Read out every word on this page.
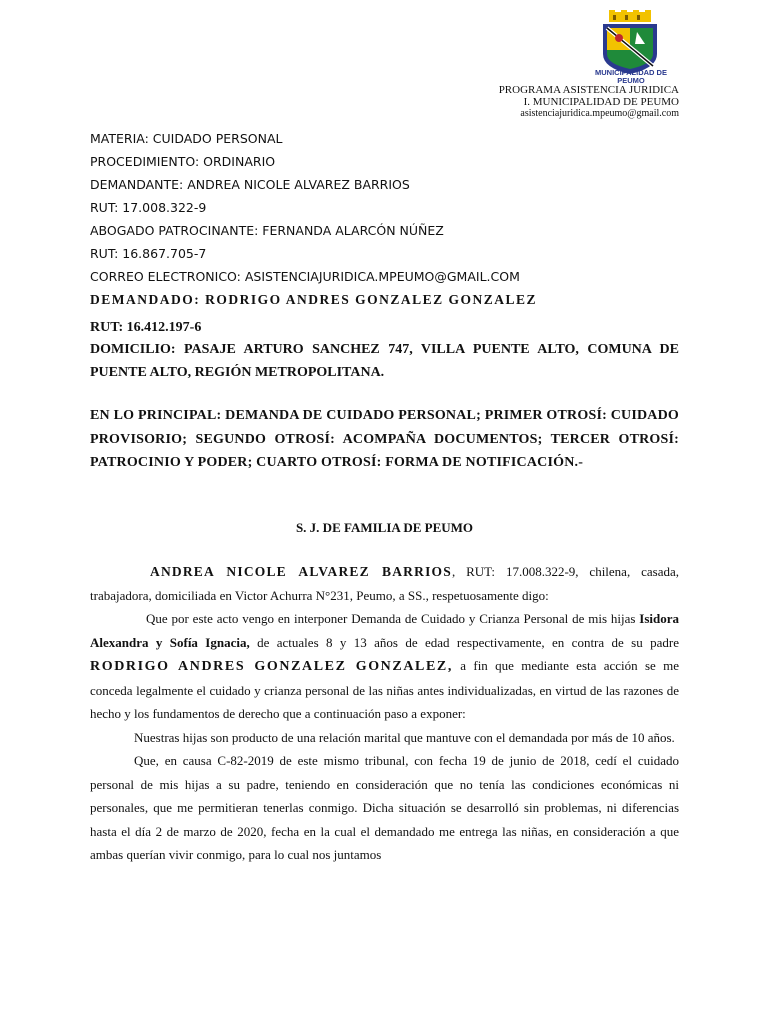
MUNICIPALIDAD DE PEUMO
PROGRAMA ASISTENCIA JURIDICA
I. MUNICIPALIDAD DE PEUMO
asistenciajuridica.mpeumo@gmail.com
MATERIA: CUIDADO PERSONAL
PROCEDIMIENTO: ORDINARIO
DEMANDANTE: ANDREA NICOLE ALVAREZ BARRIOS
RUT: 17.008.322-9
ABOGADO PATROCINANTE: FERNANDA ALARCÓN NÚÑEZ
RUT: 16.867.705-7
CORREO ELECTRONICO: ASISTENCIAJURIDICA.MPEUMO@GMAIL.COM
DEMANDADO: RODRIGO ANDRES GONZALEZ GONZALEZ
RUT: 16.412.197-6
DOMICILIO: PASAJE ARTURO SANCHEZ 747, VILLA PUENTE ALTO, COMUNA DE PUENTE ALTO, REGIÓN METROPOLITANA.
EN LO PRINCIPAL: DEMANDA DE CUIDADO PERSONAL; PRIMER OTROSÍ: CUIDADO PROVISORIO; SEGUNDO OTROSÍ: ACOMPAÑA DOCUMENTOS; TERCER OTROSÍ: PATROCINIO Y PODER; CUARTO OTROSÍ: FORMA DE NOTIFICACIÓN.-
S. J. DE FAMILIA DE PEUMO

ANDREA NICOLE ALVAREZ BARRIOS, RUT: 17.008.322-9, chilena, casada, trabajadora, domiciliada en Victor Achurra N°231, Peumo, a SS., respetuosamente digo:

Que por este acto vengo en interponer Demanda de Cuidado y Crianza Personal de mis hijas Isidora Alexandra y Sofía Ignacia, de actuales 8 y 13 años de edad respectivamente, en contra de su padre RODRIGO ANDRES GONZALEZ GONZALEZ, a fin que mediante esta acción se me conceda legalmente el cuidado y crianza personal de las niñas antes individualizadas, en virtud de las razones de hecho y los fundamentos de derecho que a continuación paso a exponer:

Nuestras hijas son producto de una relación marital que mantuve con el demandada por más de 10 años.

Que, en causa C-82-2019 de este mismo tribunal, con fecha 19 de junio de 2018, cedí el cuidado personal de mis hijas a su padre, teniendo en consideración que no tenía las condiciones económicas ni personales, que me permitieran tenerlas conmigo. Dicha situación se desarrolló sin problemas, ni diferencias hasta el día 2 de marzo de 2020, fecha en la cual el demandado me entrega las niñas, en consideración a que ambas querían vivir conmigo, para lo cual nos juntamos
